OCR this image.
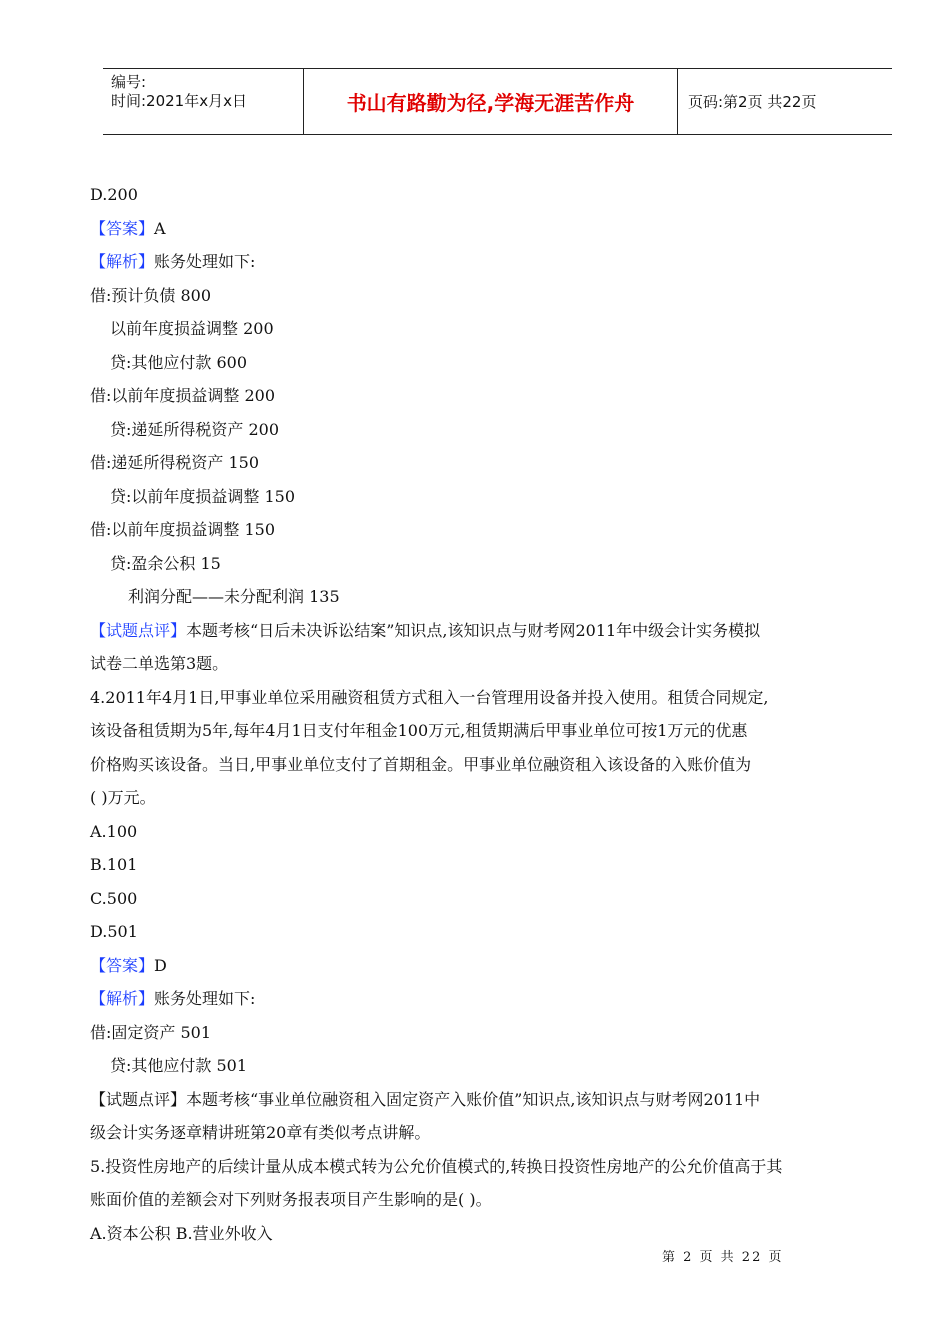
编号:
时间:2021年x月x日	书山有路勤为径,学海无涯苦作舟	页码:第2页 共22页
D.200
【答案】A
【解析】账务处理如下:
借:预计负债 800
以前年度损益调整 200
贷:其他应付款 600
借:以前年度损益调整 200
贷:递延所得税资产 200
借:递延所得税资产 150
贷:以前年度损益调整 150
借:以前年度损益调整 150
贷:盈余公积 15
利润分配——未分配利润 135
【试题点评】本题考核“日后未决诉讼结案”知识点,该知识点与财考网2011年中级会计实务模拟
试卷二单选第3题。
4.2011年4月1日,甲事业单位采用融资租赁方式租入一台管理用设备并投入使用。租赁合同规定,
该设备租赁期为5年,每年4月1日支付年租金100万元,租赁期满后甲事业单位可按1万元的优惠
价格购买该设备。当日,甲事业单位支付了首期租金。甲事业单位融资租入该设备的入账价值为
( )万元。
A.100
B.101
C.500
D.501
【答案】D
【解析】账务处理如下:
借:固定资产 501
贷:其他应付款 501
【试题点评】本题考核“事业单位融资租入固定资产入账价值”知识点,该知识点与财考网2011中
级会计实务逐章精讲班第20章有类似考点讲解。
5.投资性房地产的后续计量从成本模式转为公允价值模式的,转换日投资性房地产的公允价值高于其
账面价值的差额会对下列财务报表项目产生影响的是( )。
A.资本公积 B.营业外收入
第 2 页 共 22 页
